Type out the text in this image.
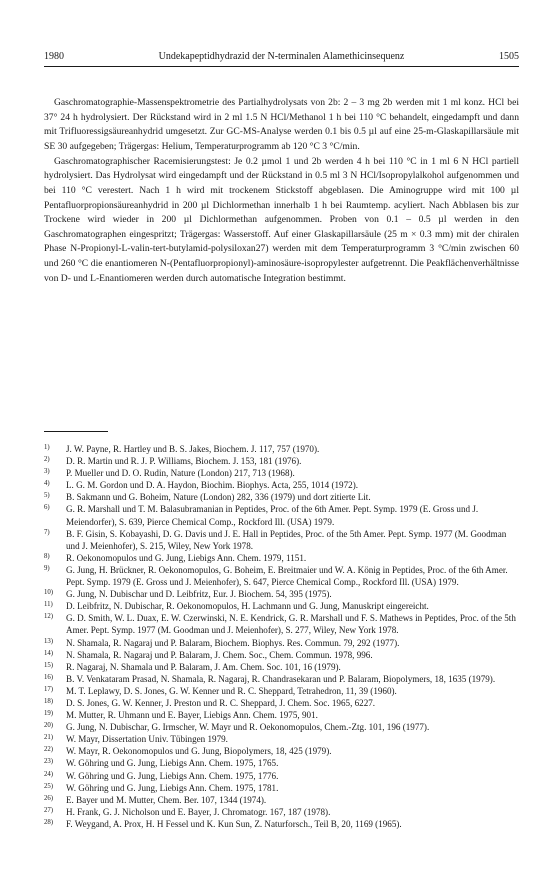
1980	Undekapeptidhydrazid der N-terminalen Alamethicinsequenz	1505

Gaschromatographie-Massenspektrometrie des Partialhydrolysats von 2b: 2 – 3 mg 2b werden mit 1 ml konz. HCl bei 37° 24 h hydrolysiert. Der Rückstand wird in 2 ml 1.5 N HCl/Methanol 1 h bei 110 °C behandelt, eingedampft und dann mit Trifluoressigsäureanhydrid umgesetzt. Zur GC-MS-Analyse werden 0.1 bis 0.5 µl auf eine 25-m-Glaskapillarsäule mit SE 30 aufgegeben; Trägergas: Helium, Temperaturprogramm ab 120 °C 3 °C/min.

Gaschromatographischer Racemisierungstest: Je 0.2 µmol 1 und 2b werden 4 h bei 110 °C in 1 ml 6 N HCl partiell hydrolysiert. Das Hydrolysat wird eingedampft und der Rückstand in 0.5 ml 3 N HCl/Isopropylalkohol aufgenommen und bei 110 °C verestert. Nach 1 h wird mit trockenem Stickstoff abgeblasen. Die Aminogruppe wird mit 100 µl Pentafluorpropionsäureanhydrid in 200 µl Dichlormethan innerhalb 1 h bei Raumtemp. acyliert. Nach Abblasen bis zur Trockene wird wieder in 200 µl Dichlormethan aufgenommen. Proben von 0.1 – 0.5 µl werden in den Gaschromatographen eingespritzt; Trägergas: Wasserstoff. Auf einer Glaskapillarsäule (25 m × 0.3 mm) mit der chiralen Phase N-Propionyl-L-valin-tert-butylamid-polysiloxan27) werden mit dem Temperaturprogramm 3 °C/min zwischen 60 und 260 °C die enantiomeren N-(Pentafluorpropionyl)-aminosäure-isopropylester aufgetrennt. Die Peakflächenverhältnisse von D- und L-Enantiomeren werden durch automatische Integration bestimmt.

1) J. W. Payne, R. Hartley und B. S. Jakes, Biochem. J. 117, 757 (1970).
2) D. R. Martin und R. J. P. Williams, Biochem. J. 153, 181 (1976).
3) P. Mueller und D. O. Rudin, Nature (London) 217, 713 (1968).
4) L. G. M. Gordon und D. A. Haydon, Biochim. Biophys. Acta, 255, 1014 (1972).
5) B. Sakmann und G. Boheim, Nature (London) 282, 336 (1979) und dort zitierte Lit.
6) G. R. Marshall und T. M. Balasubramanian in Peptides, Proc. of the 6th Amer. Pept. Symp. 1979 (E. Gross und J. Meiendorfer), S. 639, Pierce Chemical Comp., Rockford Ill. (USA) 1979.
7) B. F. Gisin, S. Kobayashi, D. G. Davis und J. E. Hall in Peptides, Proc. of the 5th Amer. Pept. Symp. 1977 (M. Goodman und J. Meienhofer), S. 215, Wiley, New York 1978.
8) R. Oekonomopulos und G. Jung, Liebigs Ann. Chem. 1979, 1151.
9) G. Jung, H. Brückner, R. Oekonomopulos, G. Boheim, E. Breitmaier und W. A. König in Peptides, Proc. of the 6th Amer. Pept. Symp. 1979 (E. Gross und J. Meienhofer), S. 647, Pierce Chemical Comp., Rockford Ill. (USA) 1979.
10) G. Jung, N. Dubischar und D. Leibfritz, Eur. J. Biochem. 54, 395 (1975).
11) D. Leibfritz, N. Dubischar, R. Oekonomopulos, H. Lachmann und G. Jung, Manuskript eingereicht.
12) G. D. Smith, W. L. Duax, E. W. Czerwinski, N. E. Kendrick, G. R. Marshall und F. S. Mathews in Peptides, Proc. of the 5th Amer. Pept. Symp. 1977 (M. Goodman und J. Meienhofer), S. 277, Wiley, New York 1978.
13) N. Shamala, R. Nagaraj und P. Balaram, Biochem. Biophys. Res. Commun. 79, 292 (1977).
14) N. Shamala, R. Nagaraj und P. Balaram, J. Chem. Soc., Chem. Commun. 1978, 996.
15) R. Nagaraj, N. Shamala und P. Balaram, J. Am. Chem. Soc. 101, 16 (1979).
16) B. V. Venkataram Prasad, N. Shamala, R. Nagaraj, R. Chandrasekaran und P. Balaram, Biopolymers, 18, 1635 (1979).
17) M. T. Leplawy, D. S. Jones, G. W. Kenner und R. C. Sheppard, Tetrahedron, 11, 39 (1960).
18) D. S. Jones, G. W. Kenner, J. Preston und R. C. Sheppard, J. Chem. Soc. 1965, 6227.
19) M. Mutter, R. Uhmann und E. Bayer, Liebigs Ann. Chem. 1975, 901.
20) G. Jung, N. Dubischar, G. Irmscher, W. Mayr und R. Oekonomopulos, Chem.-Ztg. 101, 196 (1977).
21) W. Mayr, Dissertation Univ. Tübingen 1979.
22) W. Mayr, R. Oekonomopulos und G. Jung, Biopolymers, 18, 425 (1979).
23) W. Göhring und G. Jung, Liebigs Ann. Chem. 1975, 1765.
24) W. Göhring und G. Jung, Liebigs Ann. Chem. 1975, 1776.
25) W. Göhring und G. Jung, Liebigs Ann. Chem. 1975, 1781.
26) E. Bayer und M. Mutter, Chem. Ber. 107, 1344 (1974).
27) H. Frank, G. J. Nicholson und E. Bayer, J. Chromatogr. 167, 187 (1978).
28) F. Weygand, A. Prox, H. H Fessel und K. Kun Sun, Z. Naturforsch., Teil B, 20, 1169 (1965).
